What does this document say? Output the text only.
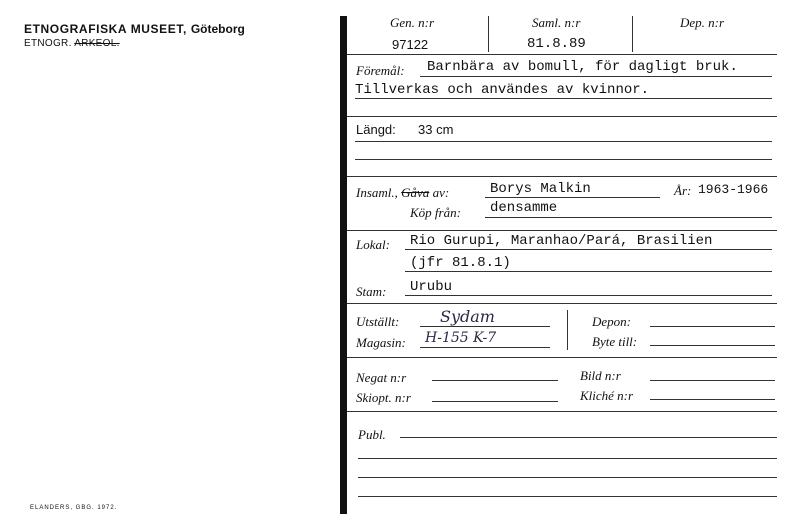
ETNOGRAFISKA MUSEET, Göteborg
ETNOGR. ARKEOL.
ELANDERS, GBG. 1972.
Gen. n:r
97122
Saml. n:r
81.8.89
Dep. n:r
Föremål: Barnbära av bomull, för dagligt bruk.
Tillverkas och användes av kvinnor.
Längd: 33 cm
Insaml., Gåva av:	Borys Malkin	År: 1963-1966
Köp från: densamme
Lokal: Rio Gurupi, Maranhao/Pará, Brasilien
(jfr 81.8.1)
Stam: Urubu
Utställt:	Sydam
Magasin: H-155 K-7
Depon:
Byte till:
Negat n:r	Bild n:r
Skiopt. n:r	Kliché n:r
Publ.
